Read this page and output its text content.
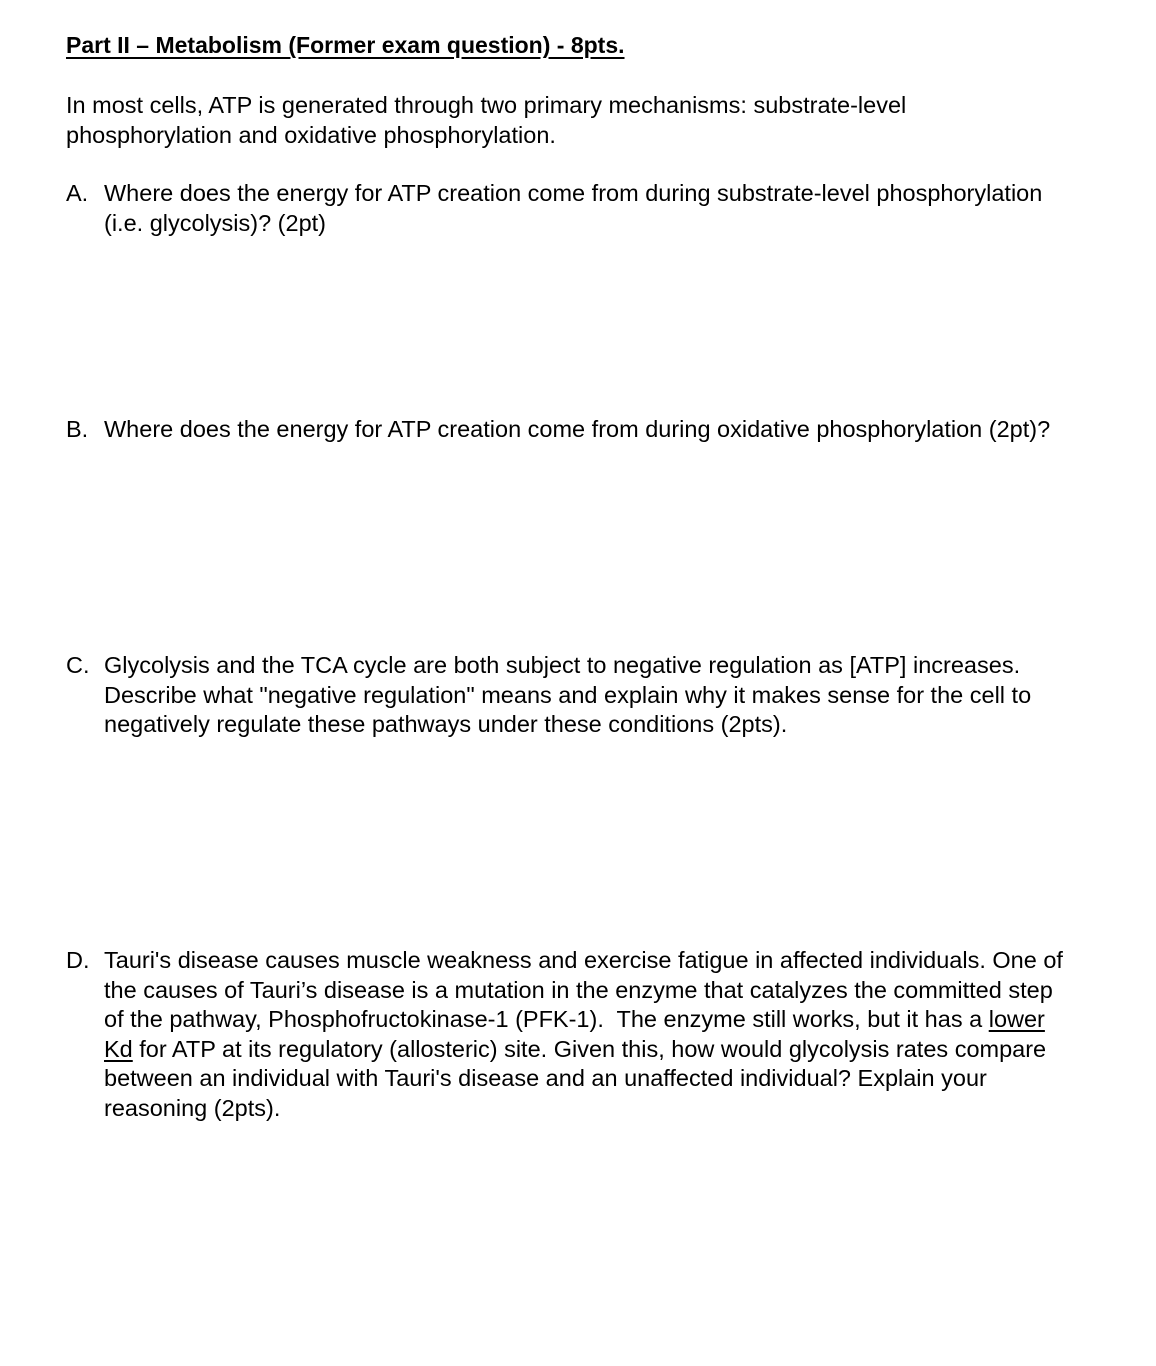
Part II – Metabolism (Former exam question) - 8pts.

In most cells, ATP is generated through two primary mechanisms: substrate-level phosphorylation and oxidative phosphorylation.

A. Where does the energy for ATP creation come from during substrate-level phosphorylation (i.e. glycolysis)? (2pt)
B. Where does the energy for ATP creation come from during oxidative phosphorylation (2pt)?
C. Glycolysis and the TCA cycle are both subject to negative regulation as [ATP] increases. Describe what "negative regulation" means and explain why it makes sense for the cell to negatively regulate these pathways under these conditions (2pts).
D. Tauri's disease causes muscle weakness and exercise fatigue in affected individuals. One of the causes of Tauri’s disease is a mutation in the enzyme that catalyzes the committed step of the pathway, Phosphofructokinase-1 (PFK-1).  The enzyme still works, but it has a lower Kd for ATP at its regulatory (allosteric) site. Given this, how would glycolysis rates compare between an individual with Tauri's disease and an unaffected individual? Explain your reasoning (2pts).
